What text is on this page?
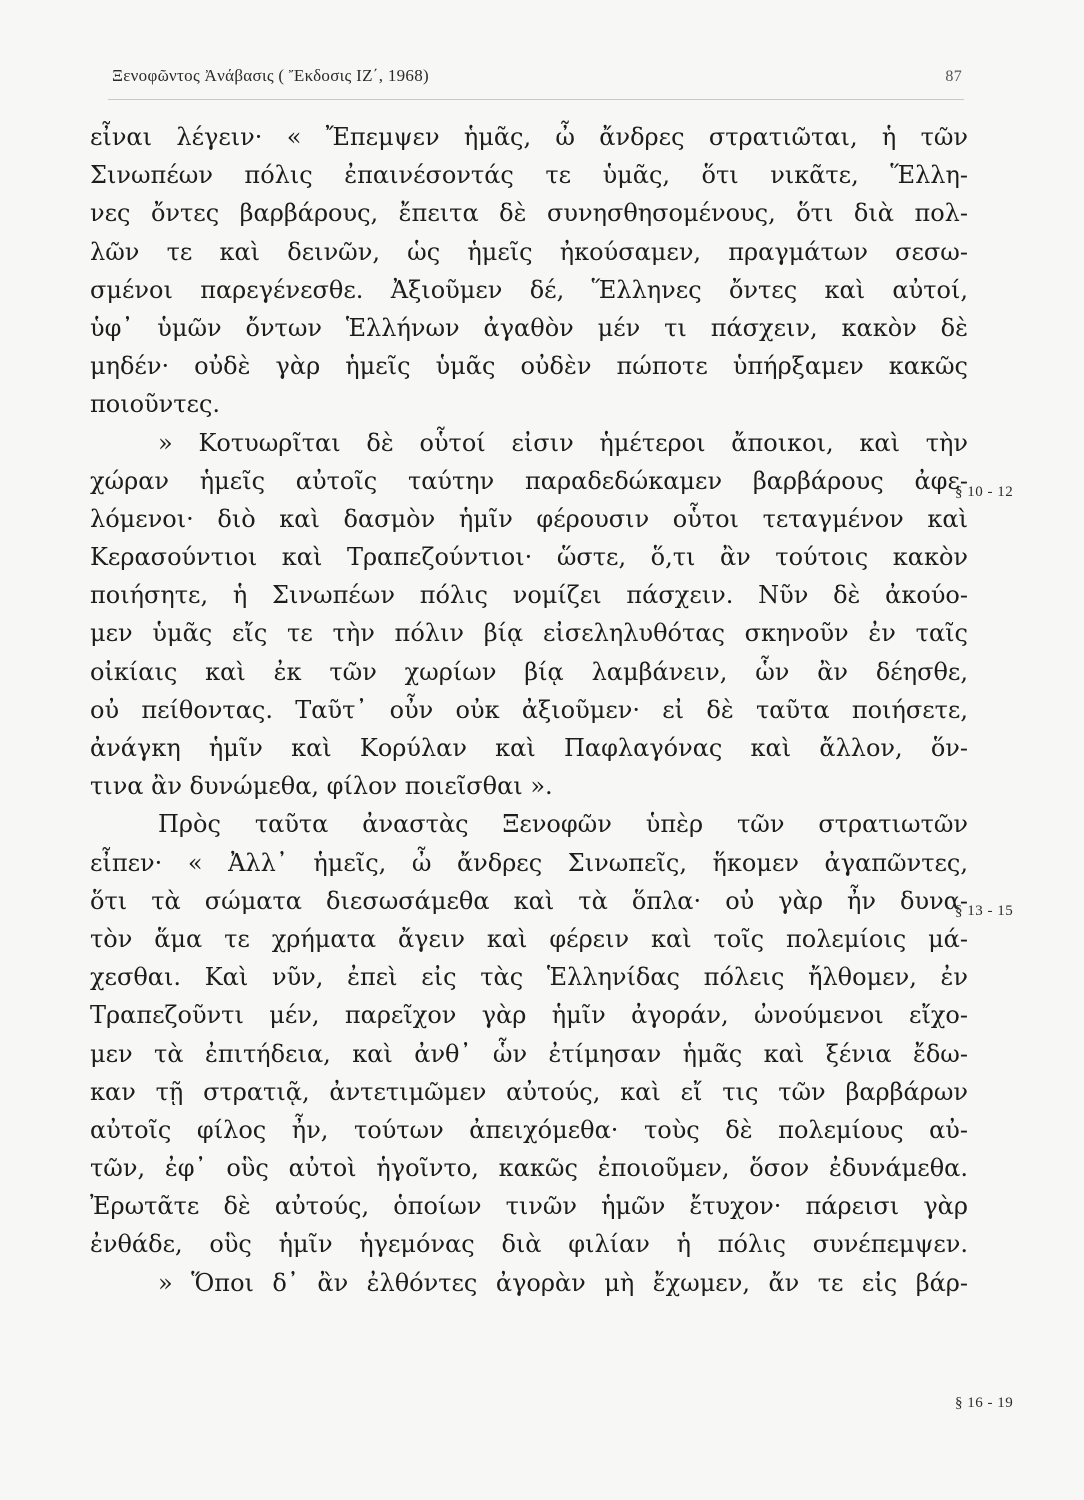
Ξενοφῶντος Ἀνάβασις ( Ἔκδοσις ΙΖ΄, 1968)	87
εἶναι λέγειν· « Ἔπεμψεν ἡμᾶς, ὦ ἄνδρες στρατιῶται, ἡ τῶν
Σινωπέων πόλις ἐπαινέσοντάς τε ὑμᾶς, ὅτι νικᾶτε, Ἕλλη-
νες ὄντες βαρβάρους, ἔπειτα δὲ συνησθησομένους, ὅτι διὰ πολ-
λῶν τε καὶ δεινῶν, ὡς ἡμεῖς ἠκούσαμεν, πραγμάτων σεσω-
σμένοι παρεγένεσθε. Ἀξιοῦμεν δέ, Ἕλληνες ὄντες καὶ αὐτοί,
ὑφ᾽ ὑμῶν ὄντων Ἑλλήνων ἀγαθὸν μέν τι πάσχειν, κακὸν δὲ
μηδέν· οὐδὲ γὰρ ἡμεῖς ὑμᾶς οὐδὲν πώποτε ὑπήρξαμεν κακῶς
ποιοῦντες.
» Κοτυωρῖται δὲ οὗτοί εἰσιν ἡμέτεροι ἄποικοι, καὶ τὴν
χώραν ἡμεῖς αὐτοῖς ταύτην παραδεδώκαμεν βαρβάρους ἀφε-
λόμενοι· διὸ καὶ δασμὸν ἡμῖν φέρουσιν οὗτοι τεταγμένον καὶ
Κερασούντιοι καὶ Τραπεζούντιοι· ὥστε, ὅ,τι ἂν τούτοις κακὸν
ποιήσητε, ἡ Σινωπέων πόλις νομίζει πάσχειν. Νῦν δὲ ἀκούο-
μεν ὑμᾶς εἴς τε τὴν πόλιν βίᾳ εἰσεληλυθότας σκηνοῦν ἐν ταῖς
οἰκίαις καὶ ἐκ τῶν χωρίων βίᾳ λαμβάνειν, ὧν ἂν δέησθε,
οὐ πείθοντας. Ταῦτ᾽ οὖν οὐκ ἀξιοῦμεν· εἰ δὲ ταῦτα ποιήσετε,
ἀνάγκη ἡμῖν καὶ Κορύλαν καὶ Παφλαγόνας καὶ ἄλλον, ὅν-
τινα ἂν δυνώμεθα, φίλον ποιεῖσθαι ».
Πρὸς ταῦτα ἀναστὰς Ξενοφῶν ὑπὲρ τῶν στρατιωτῶν
εἶπεν· « Ἀλλ᾽ ἡμεῖς, ὦ ἄνδρες Σινωπεῖς, ἥκομεν ἀγαπῶντες,
ὅτι τὰ σώματα διεσωσάμεθα καὶ τὰ ὅπλα· οὐ γὰρ ἦν δυνα-
τὸν ἅμα τε χρήματα ἄγειν καὶ φέρειν καὶ τοῖς πολεμίοις μά-
χεσθαι. Καὶ νῦν, ἐπεὶ εἰς τὰς Ἑλληνίδας πόλεις ἤλθομεν, ἐν
Τραπεζοῦντι μέν, παρεῖχον γὰρ ἡμῖν ἀγοράν, ὠνούμενοι εἴχο-
μεν τὰ ἐπιτήδεια, καὶ ἀνθ᾽ ὧν ἐτίμησαν ἡμᾶς καὶ ξένια ἔδω-
καν τῇ στρατιᾷ, ἀντετιμῶμεν αὐτούς, καὶ εἴ τις τῶν βαρβάρων
αὐτοῖς φίλος ἦν, τούτων ἀπειχόμεθα· τοὺς δὲ πολεμίους αὐ-
τῶν, ἐφ᾽ οὓς αὐτοὶ ἡγοῖντο, κακῶς ἐποιοῦμεν, ὅσον ἐδυνάμεθα.
Ἐρωτᾶτε δὲ αὐτούς, ὁποίων τινῶν ἡμῶν ἔτυχον· πάρεισι γὰρ
ἐνθάδε, οὓς ἡμῖν ἡγεμόνας διὰ φιλίαν ἡ πόλις συνέπεμψεν.
» Ὅποι δ᾽ ἂν ἐλθόντες ἀγορὰν μὴ ἔχωμεν, ἄν τε εἰς βάρ-
§ 10 - 12
§ 13 - 15
§ 16 - 19
